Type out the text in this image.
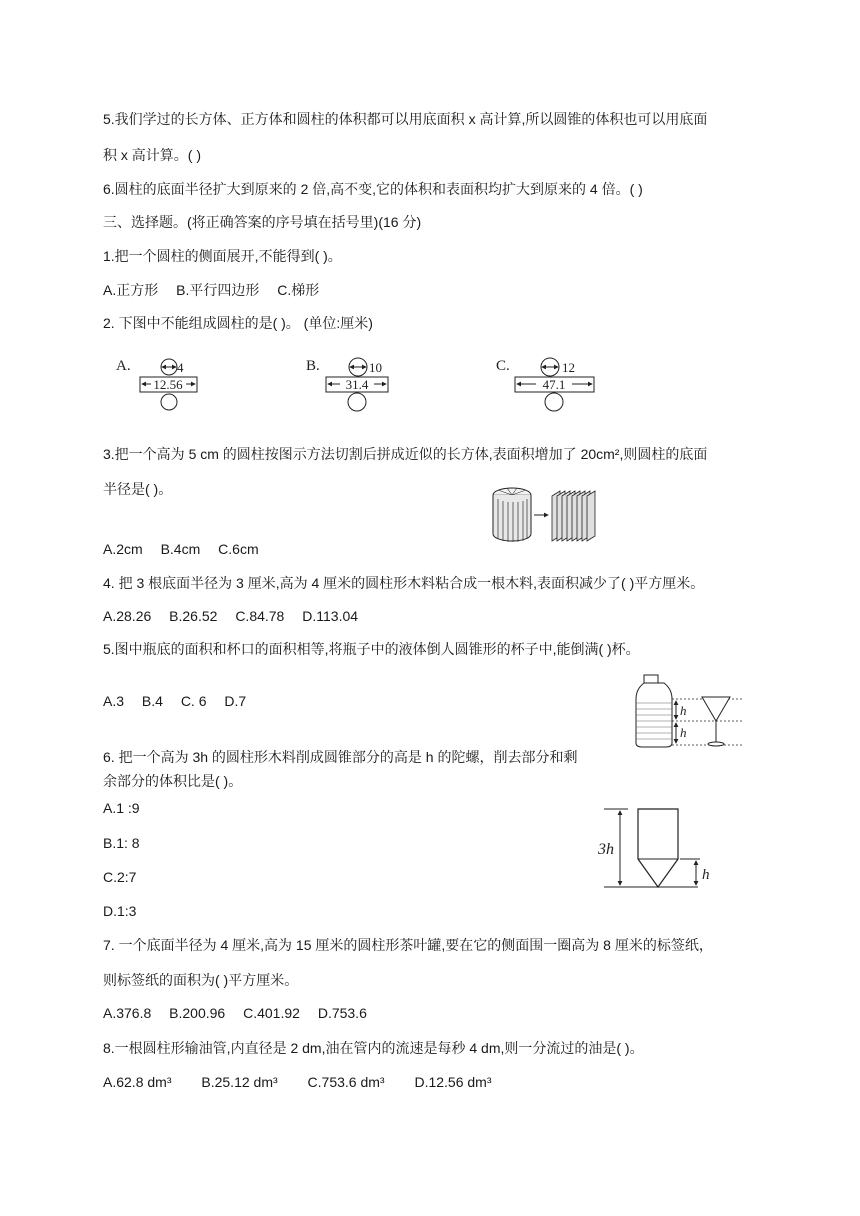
5.我们学过的长方体、正方体和圆柱的体积都可以用底面积 x 高计算,所以圆锥的体积也可以用底面
积 x 高计算。( )
6.圆柱的底面半径扩大到原来的 2 倍,高不变,它的体积和表面积均扩大到原来的 4 倍。( )
三、选择题。(将正确答案的序号填在括号里)(16 分)
1.把一个圆柱的侧面展开,不能得到( )。
A.正方形 B.平行四边形 C.梯形
2. 下图中不能组成圆柱的是( )。 (单位:厘米)
A.	4
12.56
B.	10
31.4
C.	12
47.1
3.把一个高为 5 cm 的圆柱按图示方法切割后拼成近似的长方体,表面积增加了 20cm²,则圆柱的底面
半径是( )。
A.2cm B.4cm C.6cm
4. 把 3 根底面半径为 3 厘米,高为 4 厘米的圆柱形木料粘合成一根木料,表面积减少了( )平方厘米。
A.28.26 B.26.52 C.84.78 D.113.04
5.图中瓶底的面积和杯口的面积相等,将瓶子中的液体倒人圆锥形的杯子中,能倒满( )杯。
A.3 B.4 C. 6 D.7
h
h
6. 把一个高为 3h 的圆柱形木料削成圆锥部分的高是 h 的陀螺，削去部分和剩
余部分的体积比是( )。
A.1 :9
B.1: 8
C.2:7
D.1:3
3h
h
7. 一个底面半径为 4 厘米,高为 15 厘米的圆柱形茶叶罐,要在它的侧面围一圈高为 8 厘米的标签纸，
则标签纸的面积为( )平方厘米。
A.376.8 B.200.96 C.401.92 D.753.6
8.一根圆柱形输油管,内直径是 2 dm,油在管内的流速是每秒 4 dm,则一分流过的油是( )。
A.62.8 dm³ B.25.12 dm³ C.753.6 dm³ D.12.56 dm³
